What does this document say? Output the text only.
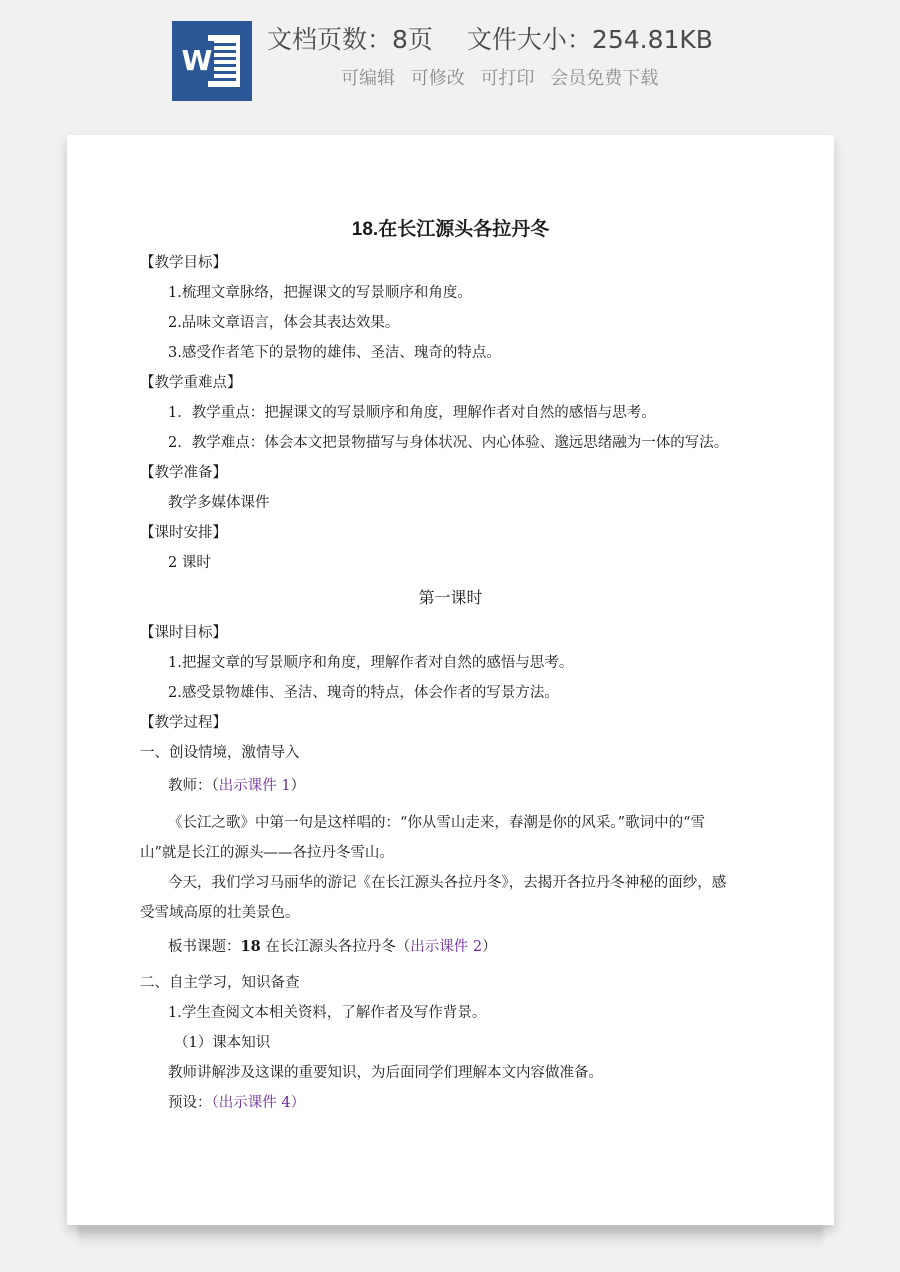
W
文档页数：8页 文件大小：254.81KB
可编辑 可修改 可打印 会员免费下载
18.在长江源头各拉丹冬
【教学目标】
1.梳理文章脉络，把握课文的写景顺序和角度。
2.品味文章语言，体会其表达效果。
3.感受作者笔下的景物的雄伟、圣洁、瑰奇的特点。
【教学重难点】
1．教学重点：把握课文的写景顺序和角度，理解作者对自然的感悟与思考。
2．教学难点：体会本文把景物描写与身体状况、内心体验、邈远思绪融为一体的写法。
【教学准备】
教学多媒体课件
【课时安排】
2 课时
第一课时
【课时目标】
1.把握文章的写景顺序和角度，理解作者对自然的感悟与思考。
2.感受景物雄伟、圣洁、瑰奇的特点，体会作者的写景方法。
【教学过程】
一、创设情境，激情导入
教师：（出示课件 1）
《长江之歌》中第一句是这样唱的：“你从雪山走来，春潮是你的风采。”歌词中的“雪
山”就是长江的源头——各拉丹冬雪山。
今天，我们学习马丽华的游记《在长江源头各拉丹冬》，去揭开各拉丹冬神秘的面纱，感
受雪域高原的壮美景色。
板书课题：18 在长江源头各拉丹冬（出示课件 2）
二、自主学习，知识备查
1.学生查阅文本相关资料，了解作者及写作背景。
（1）课本知识
教师讲解涉及这课的重要知识，为后面同学们理解本文内容做准备。
预设：（出示课件 4）
